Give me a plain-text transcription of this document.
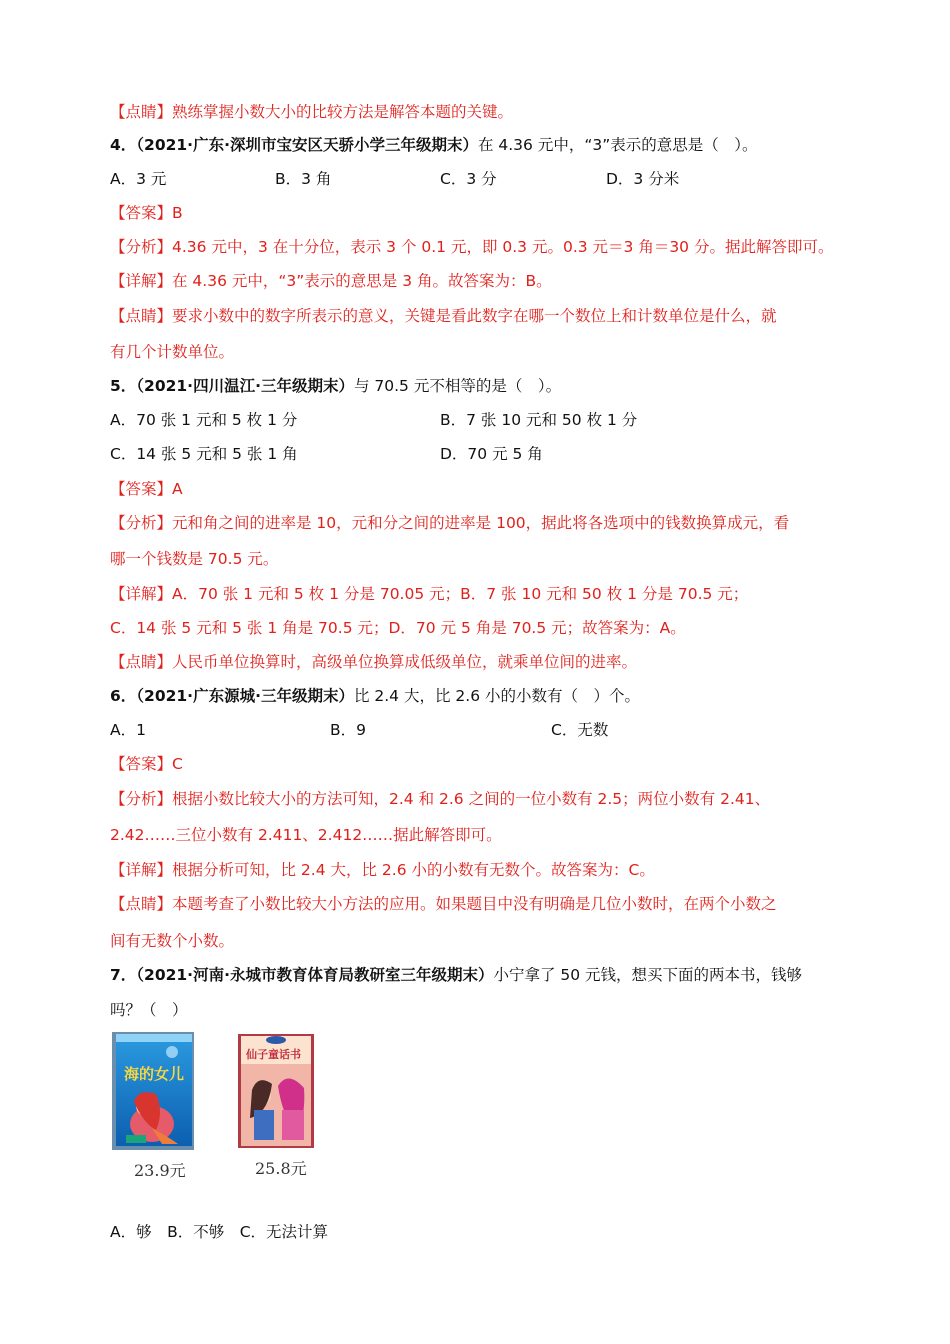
【点睛】熟练掌握小数大小的比较方法是解答本题的关键。
4．（2021·广东·深圳市宝安区天骄小学三年级期末）在 4.36 元中，“3”表示的意思是（　）。
A．3 元	B．3 角	C．3 分	D．3 分米
【答案】B
【分析】4.36 元中，3 在十分位，表示 3 个 0.1 元，即 0.3 元。0.3 元＝3 角＝30 分。据此解答即可。
【详解】在 4.36 元中，“3”表示的意思是 3 角。故答案为：B。
【点睛】要求小数中的数字所表示的意义，关键是看此数字在哪一个数位上和计数单位是什么，就
有几个计数单位。
5．（2021·四川温江·三年级期末）与 70.5 元不相等的是（　）。
A．70 张 1 元和 5 枚 1 分	B．7 张 10 元和 50 枚 1 分
C．14 张 5 元和 5 张 1 角	D．70 元 5 角
【答案】A
【分析】元和角之间的进率是 10，元和分之间的进率是 100，据此将各选项中的钱数换算成元，看
哪一个钱数是 70.5 元。
【详解】A．70 张 1 元和 5 枚 1 分是 70.05 元；B．7 张 10 元和 50 枚 1 分是 70.5 元；
C．14 张 5 元和 5 张 1 角是 70.5 元；D．70 元 5 角是 70.5 元；故答案为：A。
【点睛】人民币单位换算时，高级单位换算成低级单位，就乘单位间的进率。
6．（2021·广东源城·三年级期末）比 2.4 大，比 2.6 小的小数有（　）个。
A．1	B．9	C．无数
【答案】C
【分析】根据小数比较大小的方法可知，2.4 和 2.6 之间的一位小数有 2.5；两位小数有 2.41、
2.42……三位小数有 2.411、2.412……据此解答即可。
【详解】根据分析可知，比 2.4 大，比 2.6 小的小数有无数个。故答案为：C。
【点睛】本题考查了小数比较大小方法的应用。如果题目中没有明确是几位小数时，在两个小数之
间有无数个小数。
7．（2021·河南·永城市教育体育局教研室三年级期末）小宁拿了 50 元钱，想买下面的两本书，钱够
吗？（　）
海的女儿
23.9元
仙子童话书
25.8元
A．够　B．不够　C．无法计算
